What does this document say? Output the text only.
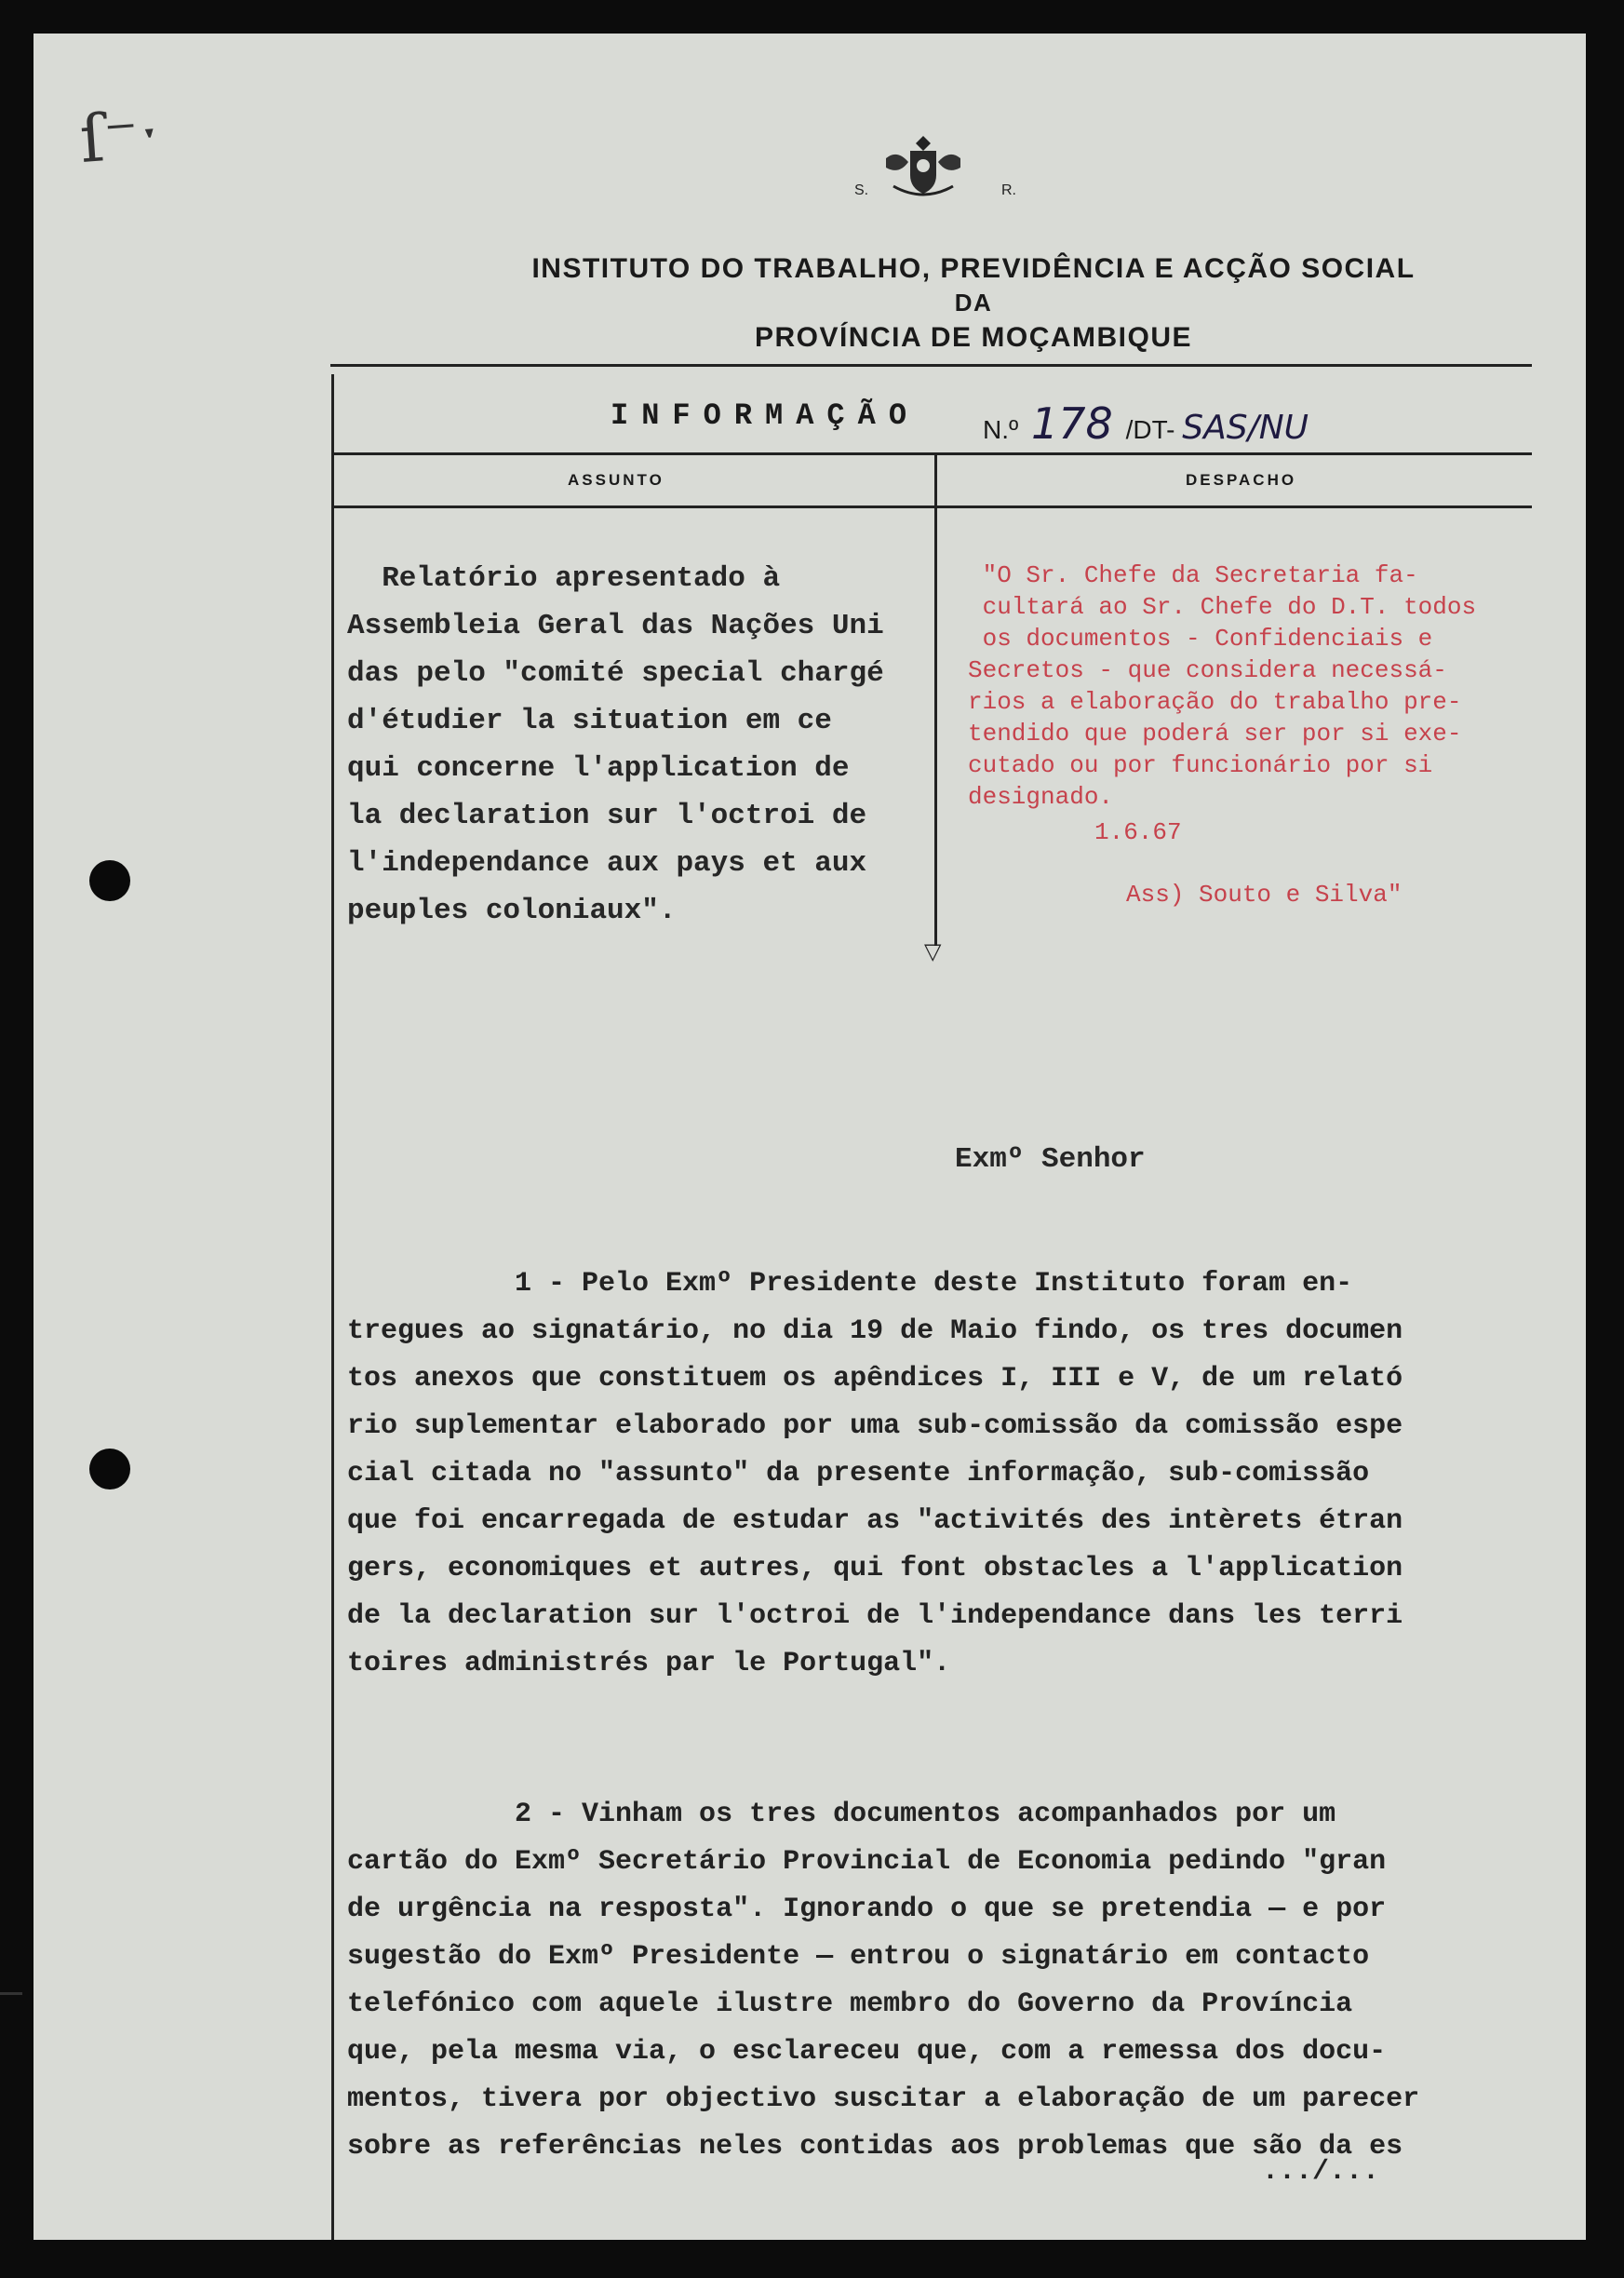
ſ⁻ˑ
S.	R.
INSTITUTO DO TRABALHO, PREVIDÊNCIA E ACÇÃO SOCIAL
DA
PROVÍNCIA DE MOÇAMBIQUE
▽
INFORMAÇÃO N.º 178 /DT- SAS/NU
ASSUNTO	DESPACHO
Relatório apresentado à
Assembleia Geral das Nações Uni
das pelo "comité special chargé
d'étudier la situation em ce
qui concerne l'application de
la declaration sur l'octroi de
l'independance aux pays et aux
peuples coloniaux".
"O Sr. Chefe da Secretaria fa-
cultará ao Sr. Chefe do D.T. todos
os documentos - Confidenciais e
Secretos - que considera necessá-
rios a elaboração do trabalho pre-
tendido que poderá ser por si exe-
cutado ou por funcionário por si
designado.
1.6.67
Ass) Souto e Silva"
Exmº Senhor
1 - Pelo Exmº Presidente deste Instituto foram en-
tregues ao signatário, no dia 19 de Maio findo, os tres documen
tos anexos que constituem os apêndices I, III e V, de um relató
rio suplementar elaborado por uma sub-comissão da comissão espe
cial citada no "assunto" da presente informação, sub-comissão
que foi encarregada de estudar as "activités des intèrets étran
gers, economiques et autres, qui font obstacles a l'application
de la declaration sur l'octroi de l'independance dans les terri
toires administrés par le Portugal".
2 - Vinham os tres documentos acompanhados por um
cartão do Exmº Secretário Provincial de Economia pedindo "gran
de urgência na resposta". Ignorando o que se pretendia — e por
sugestão do Exmº Presidente — entrou o signatário em contacto
telefónico com aquele ilustre membro do Governo da Província
que, pela mesma via, o esclareceu que, com a remessa dos docu-
mentos, tivera por objectivo suscitar a elaboração de um parecer
sobre as referências neles contidas aos problemas que são da es
.../...
